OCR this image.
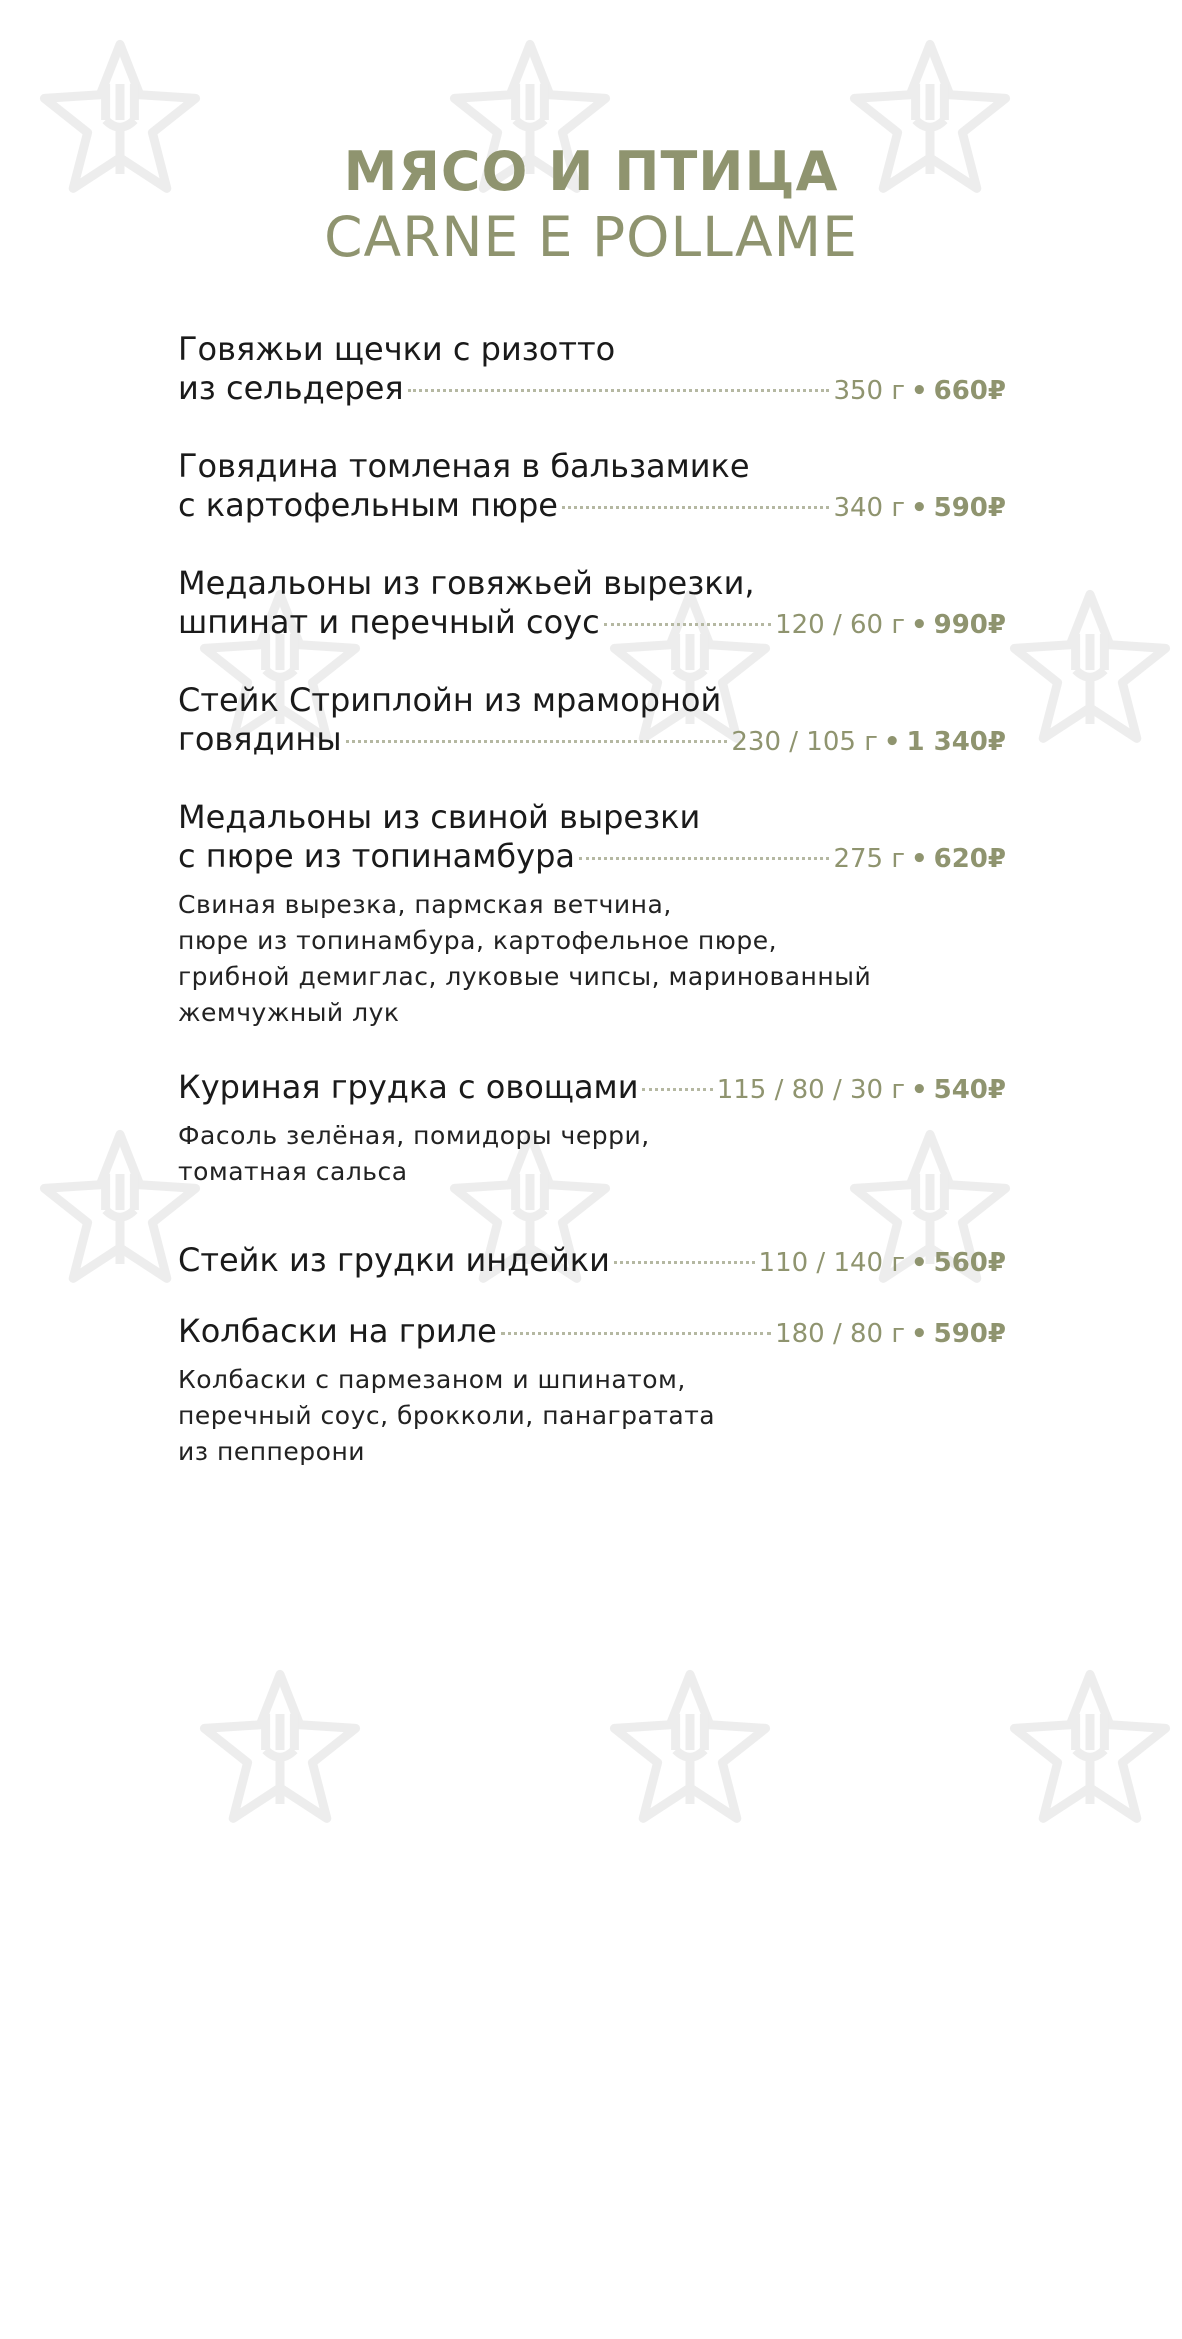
МЯСО И ПТИЦА
CARNE E POLLAME
Говяжьи щечки с ризотто
из сельдерея	350 г • 660₽
Говядина томленая в бальзамике
с картофельным пюре	340 г • 590₽
Медальоны из говяжьей вырезки,
шпинат и перечный соус	120 / 60 г • 990₽
Стейк Стриплойн из мраморной
говядины	230 / 105 г • 1 340₽
Медальоны из свиной вырезки
с пюре из топинамбура	275 г • 620₽
Свиная вырезка, пармская ветчина,
пюре из топинамбура, картофельное пюре,
грибной демиглас, луковые чипсы, маринованный
жемчужный лук
Куриная грудка с овощами	115 / 80 / 30 г • 540₽
Фасоль зелёная, помидоры черри,
томатная сальса
Стейк из грудки индейки	110 / 140 г • 560₽
Колбаски на гриле	180 / 80 г • 590₽
Колбаски с пармезаном и шпинатом,
перечный соус, брокколи, панагратата
из пепперони
